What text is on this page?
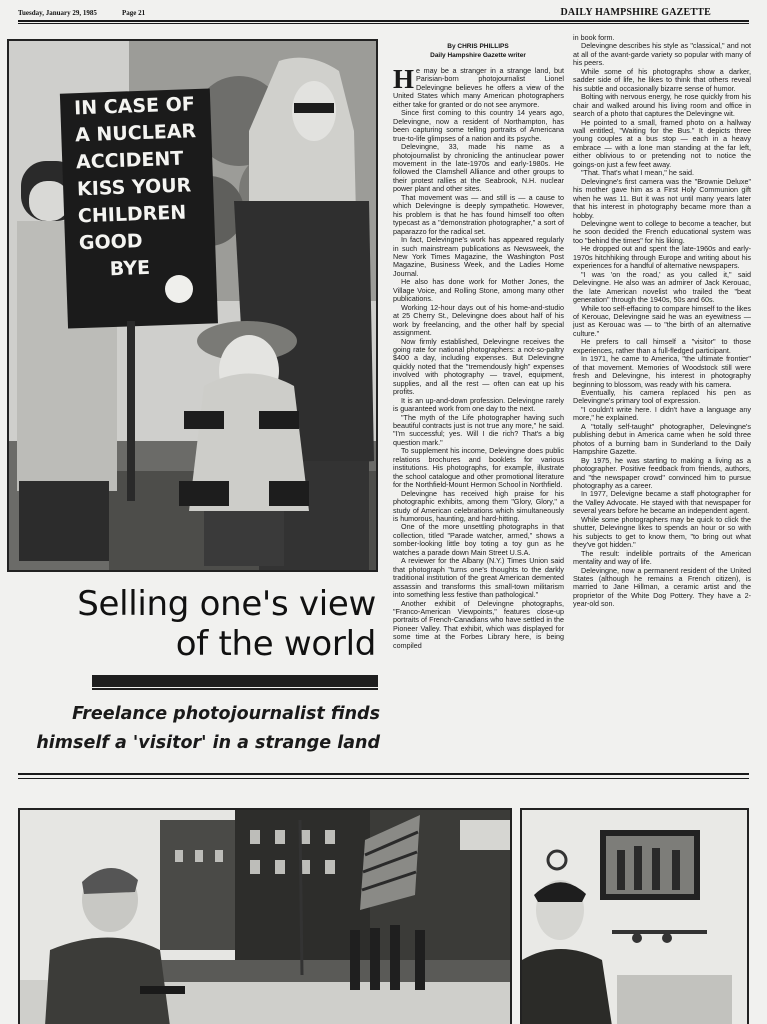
Tuesday, January 29, 1985	Page 21	DAILY HAMPSHIRE GAZETTE
IN CASE OF
A NUCLEAR
ACCIDENT
KISS YOUR
CHILDREN
GOOD
BYE
Selling one's view
of the world
Freelance photojournalist finds
himself a 'visitor' in a strange land
By CHRIS PHILLIPS
Daily Hampshire Gazette writer

He may be a stranger in a strange land, but Parisian-born photojournalist Lionel Delevingne believes he offers a view of the United States which many American photographers either take for granted or do not see anymore.

Since first coming to this country 14 years ago, Delevingne, now a resident of Northampton, has been capturing some telling portraits of Americana true-to-life glimpses of a nation and its psyche.

Delevingne, 33, made his name as a photojournalist by chronicling the antinuclear power movement in the late-1970s and early-1980s. He followed the Clamshell Alliance and other groups to their protest rallies at the Seabrook, N.H. nuclear power plant and other sites.

That movement was — and still is — a cause to which Delevingne is deeply sympathetic. However, his problem is that he has found himself too often typecast as a "demonstration photographer," a sort of paparazzo for the radical set.

In fact, Delevingne's work has appeared regularly in such mainstream publications as Newsweek, the New York Times Magazine, the Washington Post Magazine, Business Week, and the Ladies Home Journal.

He also has done work for Mother Jones, the Village Voice, and Rolling Stone, among many other publications.

Working 12-hour days out of his home-and-studio at 25 Cherry St., Delevingne does about half of his work by freelancing, and the other half by special assignment.

Now firmly established, Delevingne receives the going rate for national photographers: a not-so-paltry $400 a day, including expenses. But Delevingne quickly noted that the "tremendously high" expenses involved with photography — travel, equipment, supplies, and all the rest — often can eat up his profits.

It is an up-and-down profession. Delevingne rarely is guaranteed work from one day to the next.

"The myth of the Life photographer having such beautiful contracts just is not true any more," he said. "I'm successful; yes. Will I die rich? That's a big question mark."

To supplement his income, Delevingne does public relations brochures and booklets for various institutions. His photographs, for example, illustrate the school catalogue and other promotional literature for the Northfield-Mount Hermon School in Northfield.

Delevingne has received high praise for his photographic exhibits, among them "Glory, Glory," a study of American celebrations which simultaneously is humorous, haunting, and hard-hitting.

One of the more unsettling photographs in that collection, titled "Parade watcher, armed," shows a somber-looking little boy toting a toy gun as he watches a parade down Main Street U.S.A.

A reviewer for the Albany (N.Y.) Times Union said that photograph "turns one's thoughts to the darkly traditional institution of the great American demented assassin and transforms this small-town militarism into something less festive than pathological."

Another exhibit of Delevingne photographs, "Franco-American Viewpoints," features close-up portraits of French-Canadians who have settled in the Pioneer Valley. That exhibit, which was displayed for some time at the Forbes Library here, is being compiled

in book form.

Delevingne describes his style as "classical," and not at all of the avant-garde variety so popular with many of his peers.

While some of his photographs show a darker, sadder side of life, he likes to think that others reveal his subtle and occasionally bizarre sense of humor.

Bolting with nervous energy, he rose quickly from his chair and walked around his living room and office in search of a photo that captures the Delevingne wit.

He pointed to a small, framed photo on a hallway wall entitled, "Waiting for the Bus." It depicts three young couples at a bus stop — each in a heavy embrace — with a lone man standing at the far left, either oblivious to or pretending not to notice the goings-on just a few feet away.

"That. That's what I mean," he said.

Delevingne's first camera was the "Brownie Deluxe" his mother gave him as a First Holy Communion gift when he was 11. But it was not until many years later that his interest in photography became more than a hobby.

Delevingne went to college to become a teacher, but he soon decided the French educational system was too "behind the times" for his liking.

He dropped out and spent the late-1960s and early-1970s hitchhiking through Europe and writing about his experiences for a handful of alternative newspapers.

"I was 'on the road,' as you called it," said Delevingne. He also was an admirer of Jack Kerouac, the late American novelist who trailed the "beat generation" through the 1940s, 50s and 60s.

While too self-effacing to compare himself to the likes of Kerouac, Delevingne said he was an eyewitness — just as Kerouac was — to "the birth of an alternative culture."

He prefers to call himself a "visitor" to those experiences, rather than a full-fledged participant.

In 1971, he came to America, "the ultimate frontier" of that movement. Memories of Woodstock still were fresh and Delevingne, his interest in photography beginning to blossom, was ready with his camera.

Eventually, his camera replaced his pen as Delevingne's primary tool of expression.

"I couldn't write here. I didn't have a language any more," he explained.

A "totally self-taught" photographer, Delevingne's publishing debut in America came when he sold three photos of a burning barn in Sunderland to the Daily Hampshire Gazette.

By 1975, he was starting to making a living as a photographer. Positive feedback from friends, authors, and "the newspaper crowd" convinced him to pursue photography as a career.

In 1977, Delevigne became a staff photographer for the Valley Advocate. He stayed with that newspaper for several years before he became an independent agent.

While some photographers may be quick to click the shutter, Delevingne likes to spends an hour or so with his subjects to get to know them, "to bring out what they've got hidden."

The result: indelible portraits of the American mentality and way of life.

Delevingne, now a permanent resident of the United States (although he remains a French citizen), is married to Jane Hillman, a ceramic artist and the proprietor of the White Dog Pottery. They have a 2-year-old son.
